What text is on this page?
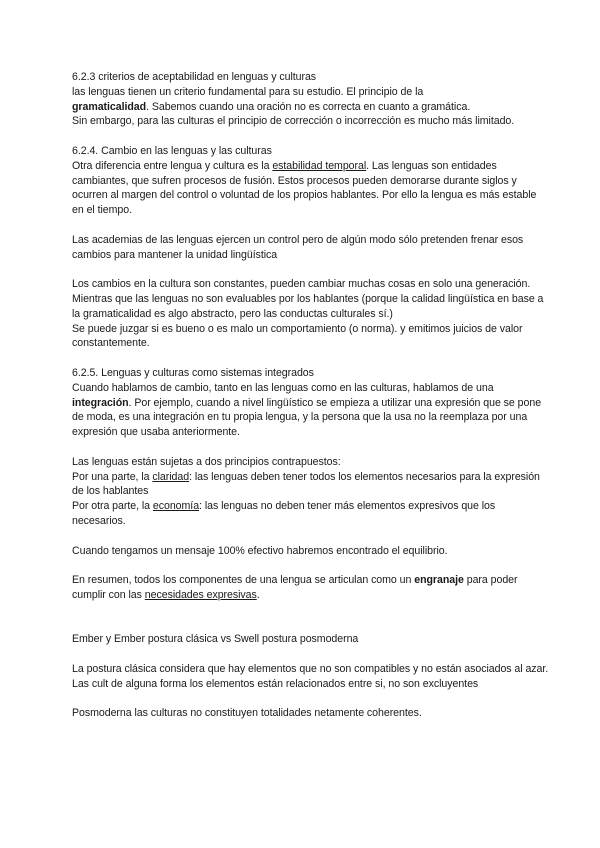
6.2.3 criterios de aceptabilidad en lenguas y culturas

las lenguas tienen un criterio fundamental para su estudio. El principio de la
gramaticalidad. Sabemos cuando una oración no es correcta en cuanto a gramática.
Sin embargo, para las culturas el principio de corrección o incorrección es mucho más limitado.

6.2.4. Cambio en las lenguas y las culturas

Otra diferencia entre lengua y cultura es la estabilidad temporal. Las lenguas son entidades cambiantes, que sufren procesos de fusión. Estos procesos pueden demorarse durante siglos y ocurren al margen del control o voluntad de los propios hablantes. Por ello la lengua es más estable en el tiempo.

Las academias de las lenguas ejercen un control pero de algún modo sólo pretenden frenar esos cambios para mantener la unidad lingüística

Los cambios en la cultura son constantes, pueden cambiar muchas cosas en solo una generación. Mientras que las lenguas no son evaluables por los hablantes (porque la calidad lingüística en base a la gramaticalidad es algo abstracto, pero las conductas culturales sí.)

Se puede juzgar si es bueno o es malo un comportamiento (o norma). y emitimos juicios de valor constantemente.

6.2.5. Lenguas y culturas como sistemas integrados

Cuando hablamos de cambio, tanto en las lenguas como en las culturas, hablamos de una integración. Por ejemplo, cuando a nivel lingüístico se empieza a utilizar una expresión que se pone de moda, es una integración en tu propia lengua, y la persona que la usa no la reemplaza por una expresión que usaba anteriormente.

Las lenguas están sujetas a dos principios contrapuestos:

Por una parte, la claridad: las lenguas deben tener todos los elementos necesarios para la expresión de los hablantes

Por otra parte, la economía: las lenguas no deben tener más elementos expresivos que los necesarios.

Cuando tengamos un mensaje 100% efectivo habremos encontrado el equilibrio.

En resumen, todos los componentes de una lengua se articulan como un engranaje para poder cumplir con las necesidades expresivas.

Ember y Ember postura clásica vs Swell postura posmoderna

La postura clásica considera que hay elementos que no son compatibles y no están asociados al azar. Las cult de alguna forma los elementos están relacionados entre si, no son excluyentes

Posmoderna las culturas no constituyen totalidades netamente coherentes.
